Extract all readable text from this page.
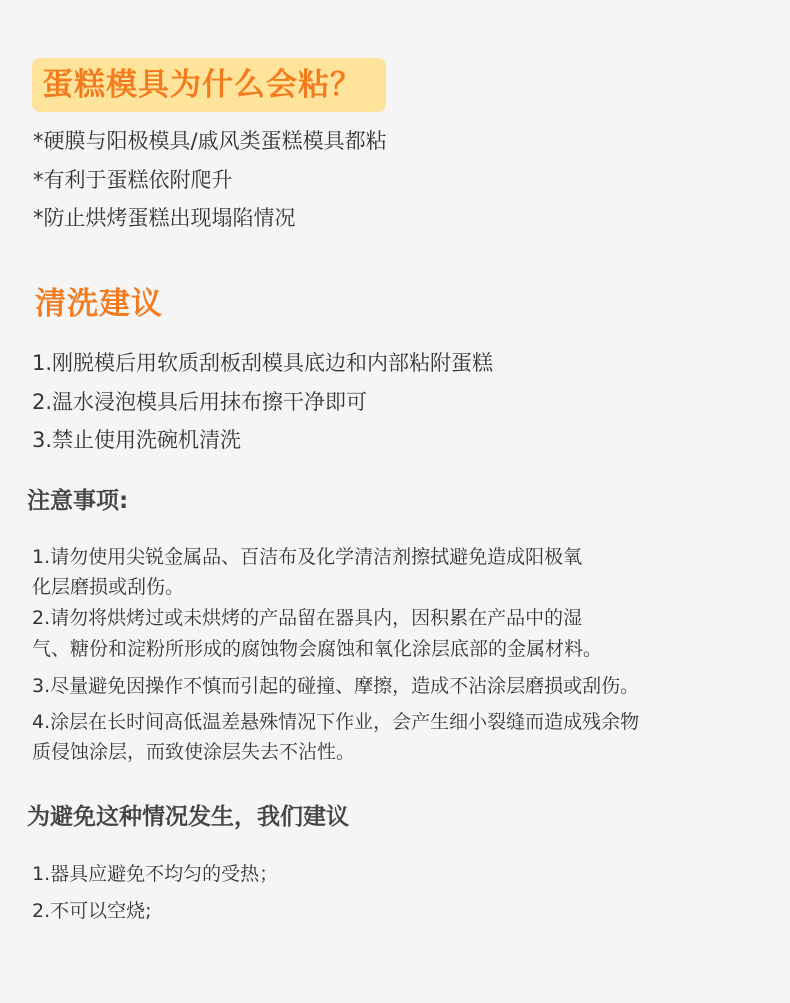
蛋糕模具为什么会粘？
*硬膜与阳极模具/戚风类蛋糕模具都粘
*有利于蛋糕依附爬升
*防止烘烤蛋糕出现塌陷情况
清洗建议
1.刚脱模后用软质刮板刮模具底边和内部粘附蛋糕
2.温水浸泡模具后用抹布擦干净即可
3.禁止使用洗碗机清洗
注意事项:
1.请勿使用尖锐金属品、百洁布及化学清洁剂擦拭避免造成阳极氧
化层磨损或刮伤。
2.请勿将烘烤过或未烘烤的产品留在器具内，因积累在产品中的湿
气、糖份和淀粉所形成的腐蚀物会腐蚀和氧化涂层底部的金属材料。
3.尽量避免因操作不慎而引起的碰撞、摩擦，造成不沾涂层磨损或刮伤。
4.涂层在长时间高低温差悬殊情况下作业，会产生细小裂缝而造成残余物
质侵蚀涂层，而致使涂层失去不沾性。
为避免这种情况发生，我们建议
1.器具应避免不均匀的受热；
2.不可以空烧;
